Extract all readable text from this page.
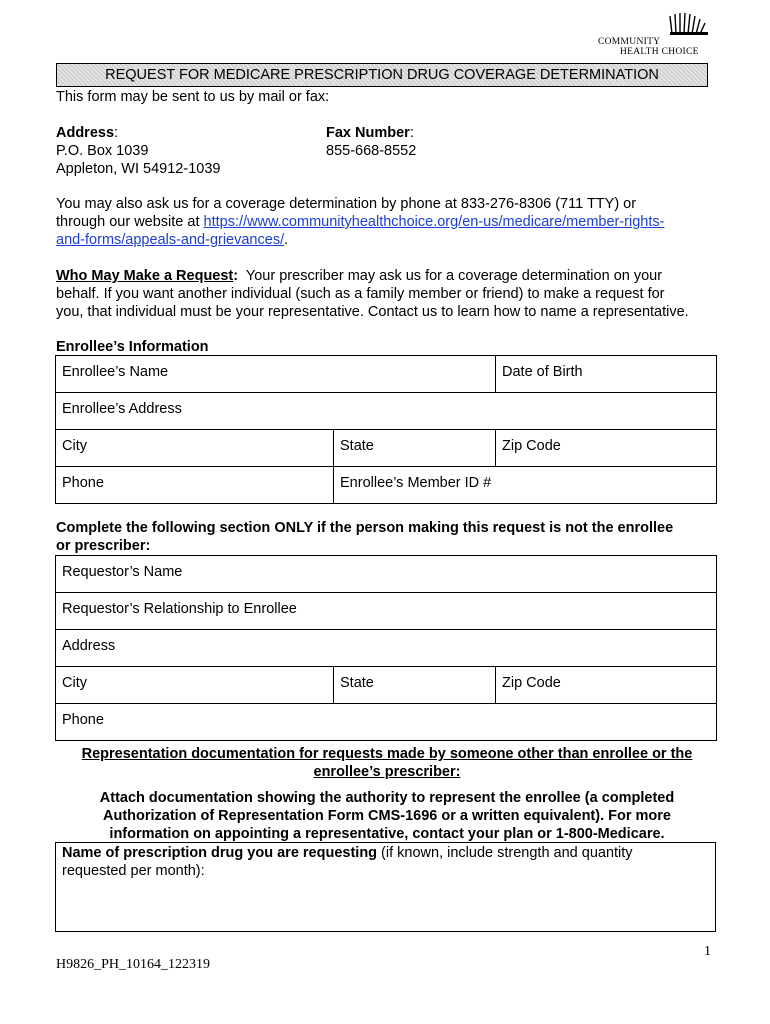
COMMUNITY
HEALTH CHOICE
REQUEST FOR MEDICARE PRESCRIPTION DRUG COVERAGE DETERMINATION
This form may be sent to us by mail or fax:
Address:
P.O. Box 1039
Appleton, WI 54912-1039
Fax Number:
855-668-8552
You may also ask us for a coverage determination by phone at 833-276-8306 (711 TTY) or
through our website at https://www.communityhealthchoice.org/en-us/medicare/member-rights-
and-forms/appeals-and-grievances/.
Who May Make a Request: Your prescriber may ask us for a coverage determination on your
behalf. If you want another individual (such as a family member or friend) to make a request for
you, that individual must be your representative. Contact us to learn how to name a representative.
Enrollee’s Information
Enrollee’s Name		Date of Birth
Enrollee’s Address		
City	State	Zip Code
Phone	Enrollee’s Member ID #	
Complete the following section ONLY if the person making this request is not the enrollee
or prescriber:
Requestor’s Name
Requestor’s Relationship to Enrollee
Address
City	State	Zip Code
Phone
Representation documentation for requests made by someone other than enrollee or the
enrollee’s prescriber:
Attach documentation showing the authority to represent the enrollee (a completed
Authorization of Representation Form CMS-1696 or a written equivalent). For more
information on appointing a representative, contact your plan or 1-800-Medicare.
Name of prescription drug you are requesting (if known, include strength and quantity
requested per month):
1
H9826_PH_10164_122319
